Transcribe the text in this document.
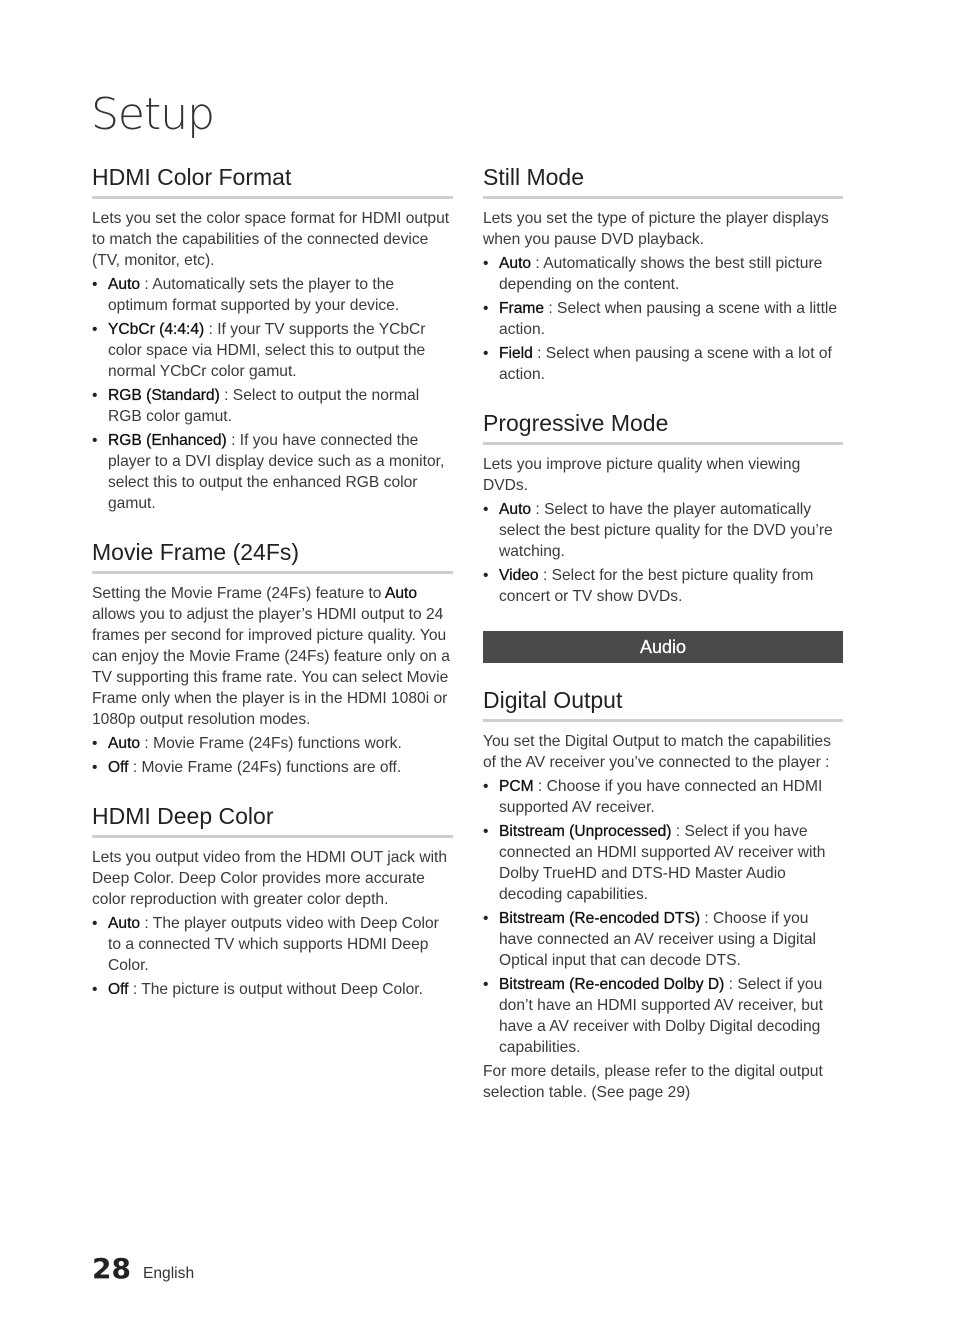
Setup
HDMI Color Format

Lets you set the color space format for HDMI output to match the capabilities of the connected device (TV, monitor, etc).

• Auto : Automatically sets the player to the optimum format supported by your device.
• YCbCr (4:4:4) : If your TV supports the YCbCr color space via HDMI, select this to output the normal YCbCr color gamut.
• RGB (Standard) : Select to output the normal RGB color gamut.
• RGB (Enhanced) : If you have connected the player to a DVI display device such as a monitor, select this to output the enhanced RGB color gamut.
Movie Frame (24Fs)

Setting the Movie Frame (24Fs) feature to Auto allows you to adjust the player’s HDMI output to 24 frames per second for improved picture quality. You can enjoy the Movie Frame (24Fs) feature only on a TV supporting this frame rate. You can select Movie Frame only when the player is in the HDMI 1080i or 1080p output resolution modes.

• Auto : Movie Frame (24Fs) functions work.
• Off : Movie Frame (24Fs) functions are off.
HDMI Deep Color

Lets you output video from the HDMI OUT jack with Deep Color. Deep Color provides more accurate color reproduction with greater color depth.

• Auto : The player outputs video with Deep Color to a connected TV which supports HDMI Deep Color.
• Off : The picture is output without Deep Color.
Still Mode

Lets you set the type of picture the player displays when you pause DVD playback.

• Auto : Automatically shows the best still picture depending on the content.
• Frame : Select when pausing a scene with a little action.
• Field : Select when pausing a scene with a lot of action.
Progressive Mode

Lets you improve picture quality when viewing DVDs.

• Auto : Select to have the player automatically select the best picture quality for the DVD you’re watching.
• Video : Select for the best picture quality from concert or TV show DVDs.
Audio
Digital Output

You set the Digital Output to match the capabilities of the AV receiver you’ve connected to the player :

• PCM : Choose if you have connected an HDMI supported AV receiver.
• Bitstream (Unprocessed) : Select if you have connected an HDMI supported AV receiver with Dolby TrueHD and DTS-HD Master Audio decoding capabilities.
• Bitstream (Re-encoded DTS) : Choose if you have connected an AV receiver using a Digital Optical input that can decode DTS.
• Bitstream (Re-encoded Dolby D) : Select if you don’t have an HDMI supported AV receiver, but have a AV receiver with Dolby Digital decoding capabilities.

For more details, please refer to the digital output selection table. (See page 29)

28 English
